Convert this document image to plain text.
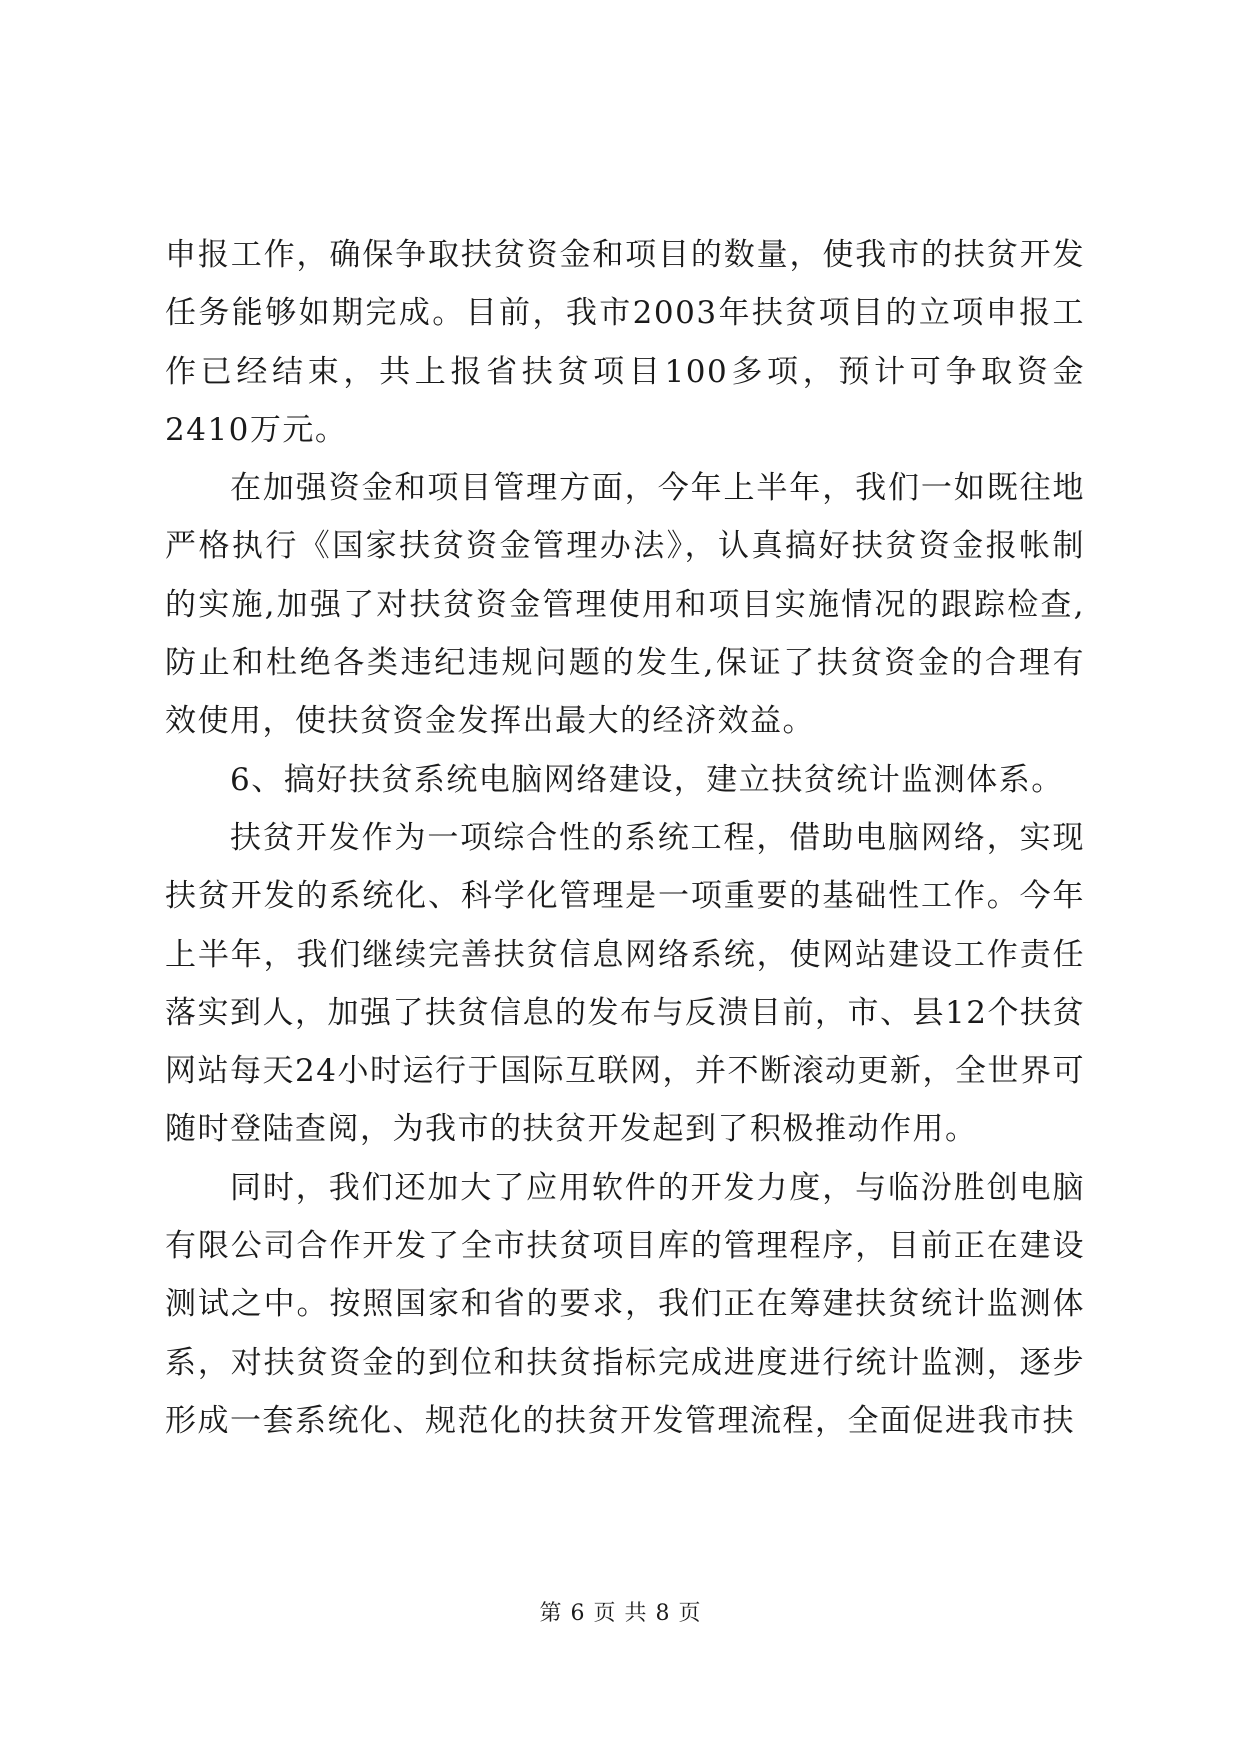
申报工作，确保争取扶贫资金和项目的数量，使我市的扶贫开发任务能够如期完成。目前，我市2003年扶贫项目的立项申报工作已经结束，共上报省扶贫项目100多项，预计可争取资金2410万元。

在加强资金和项目管理方面，今年上半年，我们一如既往地严格执行《国家扶贫资金管理办法》，认真搞好扶贫资金报帐制的实施,加强了对扶贫资金管理使用和项目实施情况的跟踪检查,防止和杜绝各类违纪违规问题的发生,保证了扶贫资金的合理有效使用，使扶贫资金发挥出最大的经济效益。

6、搞好扶贫系统电脑网络建设，建立扶贫统计监测体系。

扶贫开发作为一项综合性的系统工程，借助电脑网络，实现扶贫开发的系统化、科学化管理是一项重要的基础性工作。今年上半年，我们继续完善扶贫信息网络系统，使网站建设工作责任落实到人，加强了扶贫信息的发布与反溃目前，市、县12个扶贫网站每天24小时运行于国际互联网，并不断滚动更新，全世界可随时登陆查阅，为我市的扶贫开发起到了积极推动作用。

同时，我们还加大了应用软件的开发力度，与临汾胜创电脑有限公司合作开发了全市扶贫项目库的管理程序，目前正在建设测试之中。按照国家和省的要求，我们正在筹建扶贫统计监测体系，对扶贫资金的到位和扶贫指标完成进度进行统计监测，逐步形成一套系统化、规范化的扶贫开发管理流程，全面促进我市扶

第 6 页 共 8 页
